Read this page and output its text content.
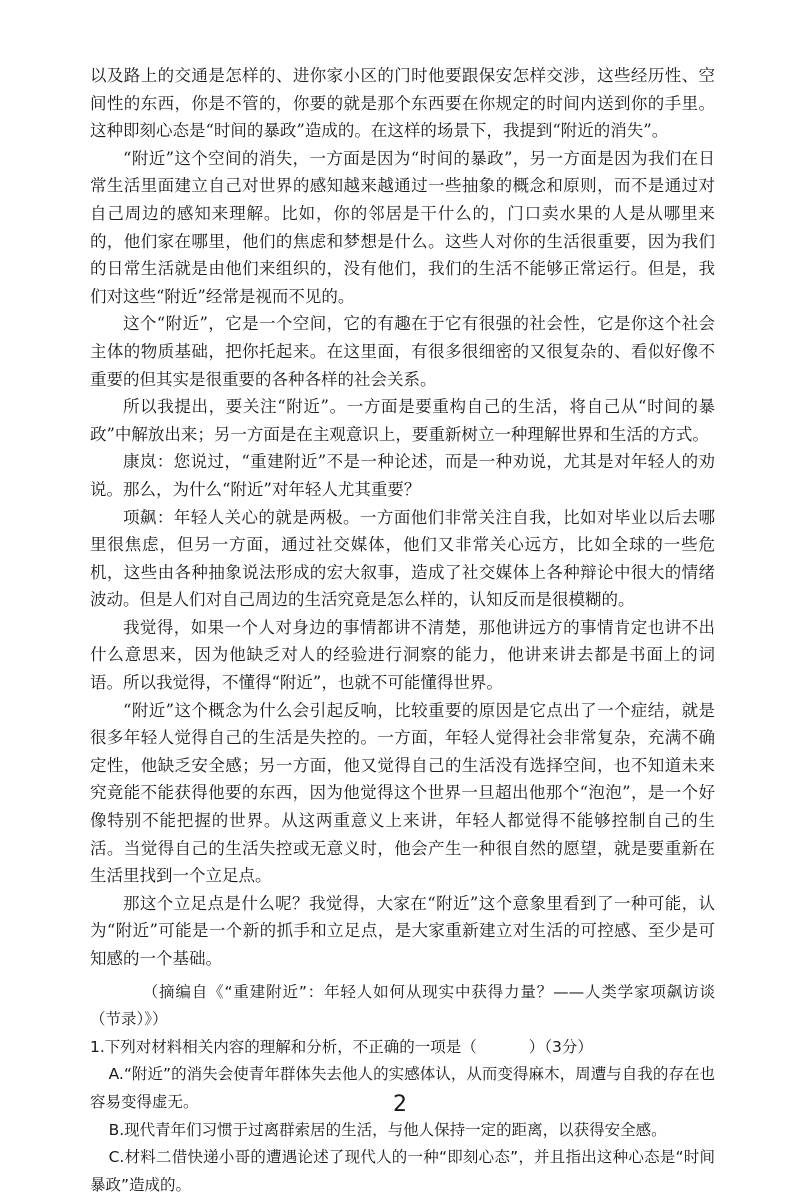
以及路上的交通是怎样的、进你家小区的门时他要跟保安怎样交涉，这些经历性、空间性的东西，你是不管的，你要的就是那个东西要在你规定的时间内送到你的手里。这种即刻心态是“时间的暴政”造成的。在这样的场景下，我提到“附近的消失”。

“附近”这个空间的消失，一方面是因为“时间的暴政”，另一方面是因为我们在日常生活里面建立自己对世界的感知越来越通过一些抽象的概念和原则，而不是通过对自己周边的感知来理解。比如，你的邻居是干什么的，门口卖水果的人是从哪里来的，他们家在哪里，他们的焦虑和梦想是什么。这些人对你的生活很重要，因为我们的日常生活就是由他们来组织的，没有他们，我们的生活不能够正常运行。但是，我们对这些“附近”经常是视而不见的。

这个“附近”，它是一个空间，它的有趣在于它有很强的社会性，它是你这个社会主体的物质基础，把你托起来。在这里面，有很多很细密的又很复杂的、看似好像不重要的但其实是很重要的各种各样的社会关系。

所以我提出，要关注“附近”。一方面是要重构自己的生活，将自己从“时间的暴政”中解放出来；另一方面是在主观意识上，要重新树立一种理解世界和生活的方式。

康岚：您说过，“重建附近”不是一种论述，而是一种劝说，尤其是对年轻人的劝说。那么，为什么“附近”对年轻人尤其重要？

项飙：年轻人关心的就是两极。一方面他们非常关注自我，比如对毕业以后去哪里很焦虑，但另一方面，通过社交媒体，他们又非常关心远方，比如全球的一些危机，这些由各种抽象说法形成的宏大叙事，造成了社交媒体上各种辩论中很大的情绪波动。但是人们对自己周边的生活究竟是怎么样的，认知反而是很模糊的。

我觉得，如果一个人对身边的事情都讲不清楚，那他讲远方的事情肯定也讲不出什么意思来，因为他缺乏对人的经验进行洞察的能力，他讲来讲去都是书面上的词语。所以我觉得，不懂得“附近”，也就不可能懂得世界。

“附近”这个概念为什么会引起反响，比较重要的原因是它点出了一个症结，就是很多年轻人觉得自己的生活是失控的。一方面，年轻人觉得社会非常复杂，充满不确定性，他缺乏安全感；另一方面，他又觉得自己的生活没有选择空间，也不知道未来究竟能不能获得他要的东西，因为他觉得这个世界一旦超出他那个“泡泡”，是一个好像特别不能把握的世界。从这两重意义上来讲，年轻人都觉得不能够控制自己的生活。当觉得自己的生活失控或无意义时，他会产生一种很自然的愿望，就是要重新在生活里找到一个立足点。

那这个立足点是什么呢？我觉得，大家在“附近”这个意象里看到了一种可能，认为“附近”可能是一个新的抓手和立足点，是大家重新建立对生活的可控感、至少是可知感的一个基础。

（摘编自《“重建附近”：年轻人如何从现实中获得力量？——人类学家项飙访谈（节录）》）

1.下列对材料相关内容的理解和分析，不正确的一项是（	）（3分）

A.“附近”的消失会使青年群体失去他人的实感体认，从而变得麻木，周遭与自我的存在也容易变得虚无。

B.现代青年们习惯于过离群索居的生活，与他人保持一定的距离，以获得安全感。

C.材料二借快递小哥的遭遇论述了现代人的一种“即刻心态”，并且指出这种心态是“时间暴政”造成的。

2
